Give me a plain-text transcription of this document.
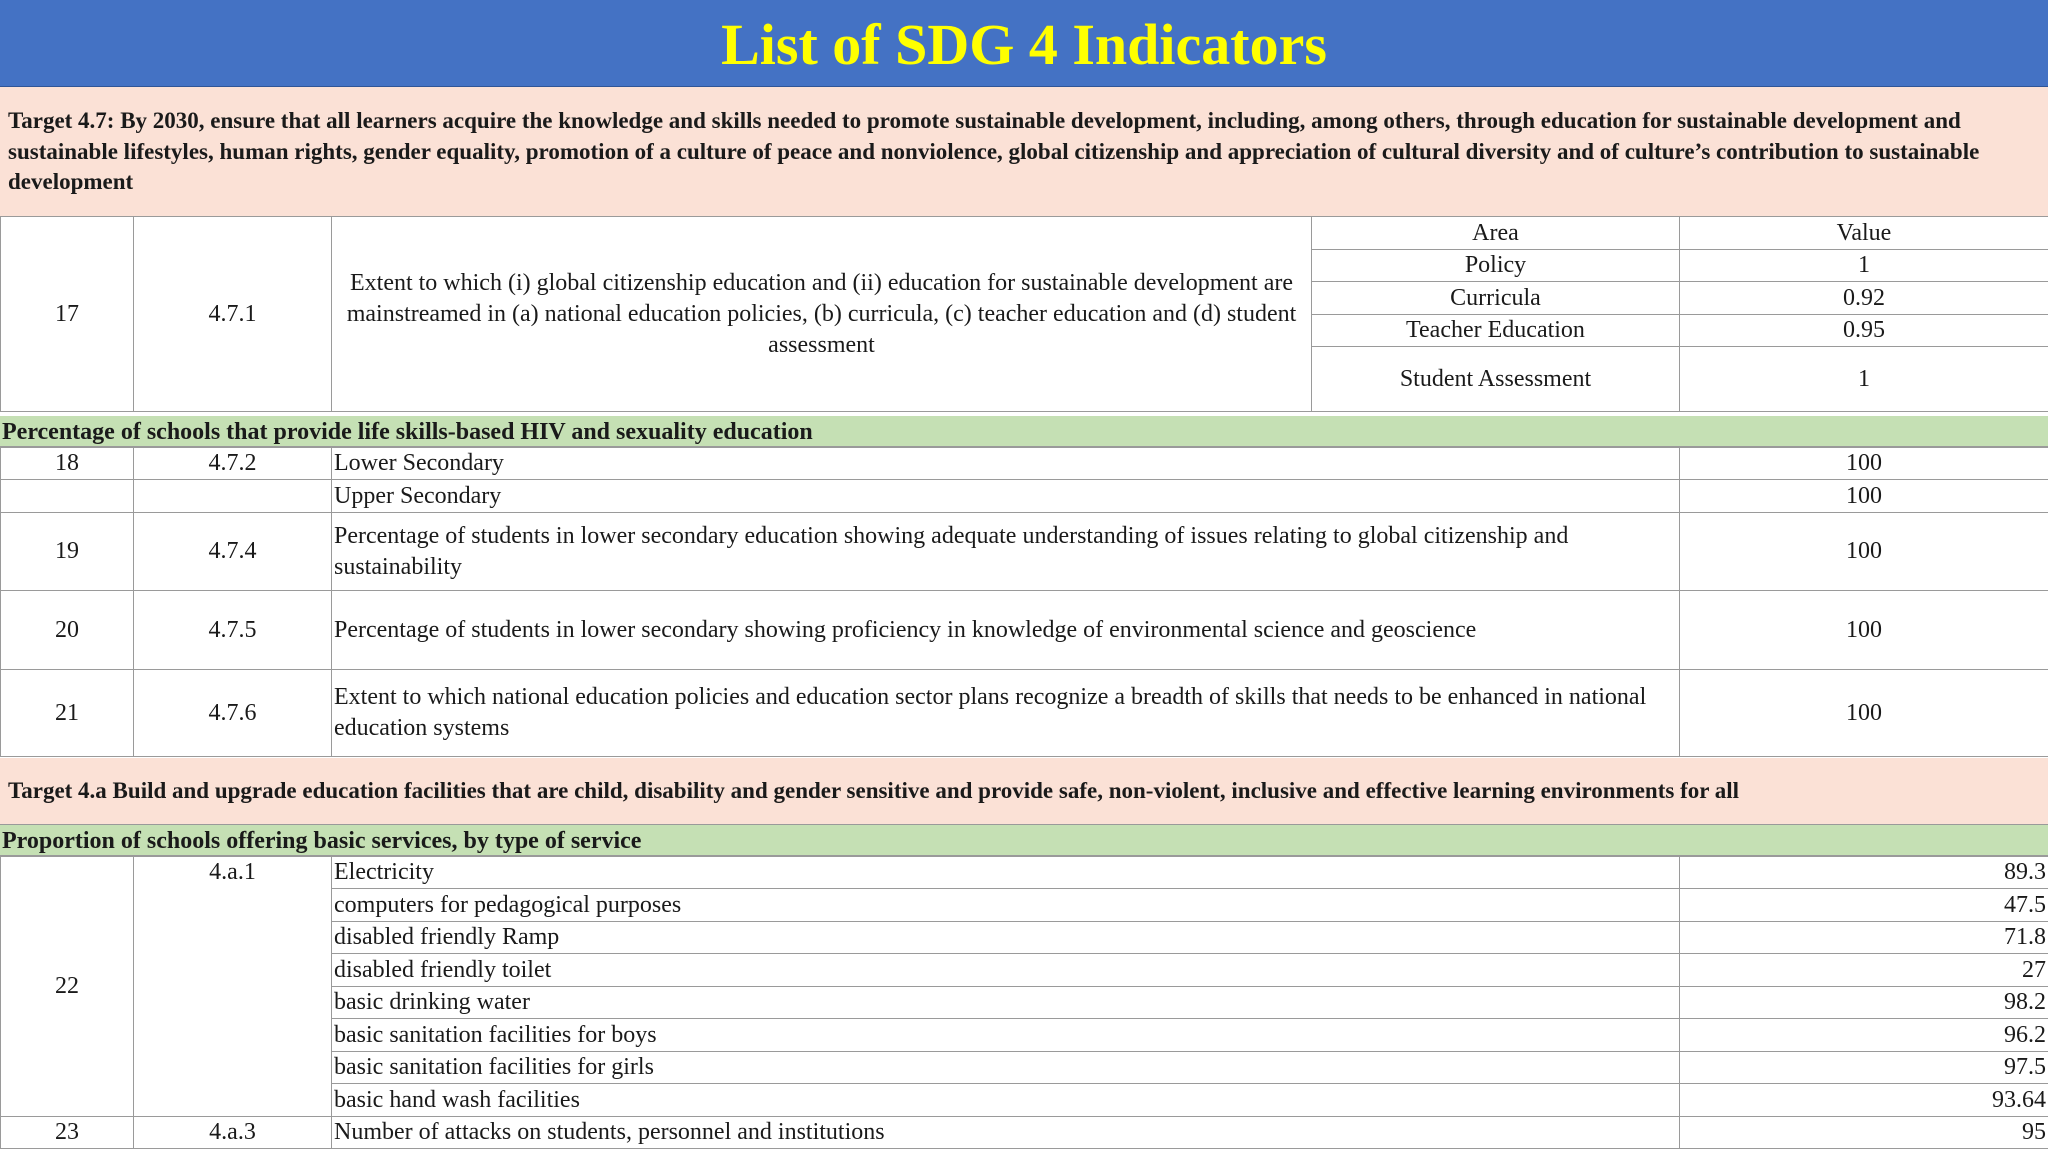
List of SDG 4 Indicators
Target 4.7: By 2030, ensure that all learners acquire the knowledge and skills needed to promote sustainable development, including, among others, through education for sustainable development and sustainable lifestyles, human rights, gender equality, promotion of a culture of peace and nonviolence, global citizenship and appreciation of cultural diversity and of culture’s contribution to sustainable development
17	4.7.1	Extent to which (i) global citizenship education and (ii) education for sustainable development are mainstreamed in (a) national education policies, (b) curricula, (c) teacher education and (d) student assessment	Area	Value
			Policy	1
			Curricula	0.92
			Teacher Education	0.95
			Student Assessment	1
Percentage of schools that provide life skills-based HIV and sexuality education
18	4.7.2	Lower Secondary	100
		Upper Secondary	100
19	4.7.4	Percentage of students in lower secondary education showing adequate understanding of issues relating to global citizenship and sustainability	100
20	4.7.5	Percentage of students in lower secondary showing proficiency in knowledge of environmental science and geoscience	100
21	4.7.6	Extent to which national education policies and education sector plans recognize a breadth of skills that needs to be enhanced in national education systems	100
Target 4.a Build and upgrade education facilities that are child, disability and gender sensitive and provide safe, non-violent, inclusive and effective learning environments for all
Proportion of schools offering basic services, by type of service
22	4.a.1	Electricity	89.3
		computers for pedagogical purposes	47.5
		disabled friendly Ramp	71.8
		disabled friendly toilet	27
		basic drinking water	98.2
		basic sanitation facilities for boys	96.2
		basic sanitation facilities for girls	97.5
		basic hand wash facilities	93.64
23	4.a.3	Number of attacks on students, personnel and institutions	95
